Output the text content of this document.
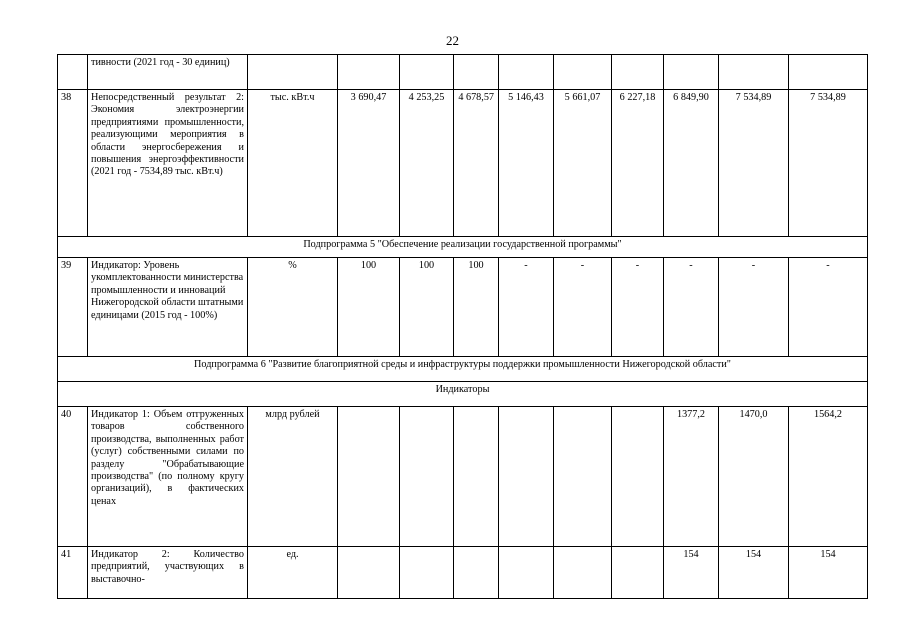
22
	тивности (2021 год - 30 единиц)										
38	Непосредственный результат 2: Экономия электроэнергии предприятиями промышленности, реализующими мероприятия в области энергосбережения и повышения энергоэффективности (2021 год - 7534,89 тыс. кВт.ч)	тыс. кВт.ч	3 690,47	4 253,25	4 678,57	5 146,43	5 661,07	6 227,18	6 849,90	7 534,89	7 534,89
Подпрограмма 5 "Обеспечение реализации государственной программы"											
39	Индикатор: Уровень укомплектованности министерства промышленности и инноваций Нижегородской области штатными единицами (2015 год - 100%)	%	100	100	100	-	-	-	-	-	-
Подпрограмма 6 "Развитие благоприятной среды и инфраструктуры поддержки промышленности Нижегородской области"											
Индикаторы											
40	Индикатор 1: Объем отгруженных товаров собственного производства, выполненных работ (услуг) собственными силами по разделу "Обрабатывающие производства" (по полному кругу организаций), в фактических ценах	млрд рублей							1377,2	1470,0	1564,2
41	Индикатор 2: Количество предприятий, участвующих в выставочно-	ед.							154	154	154
